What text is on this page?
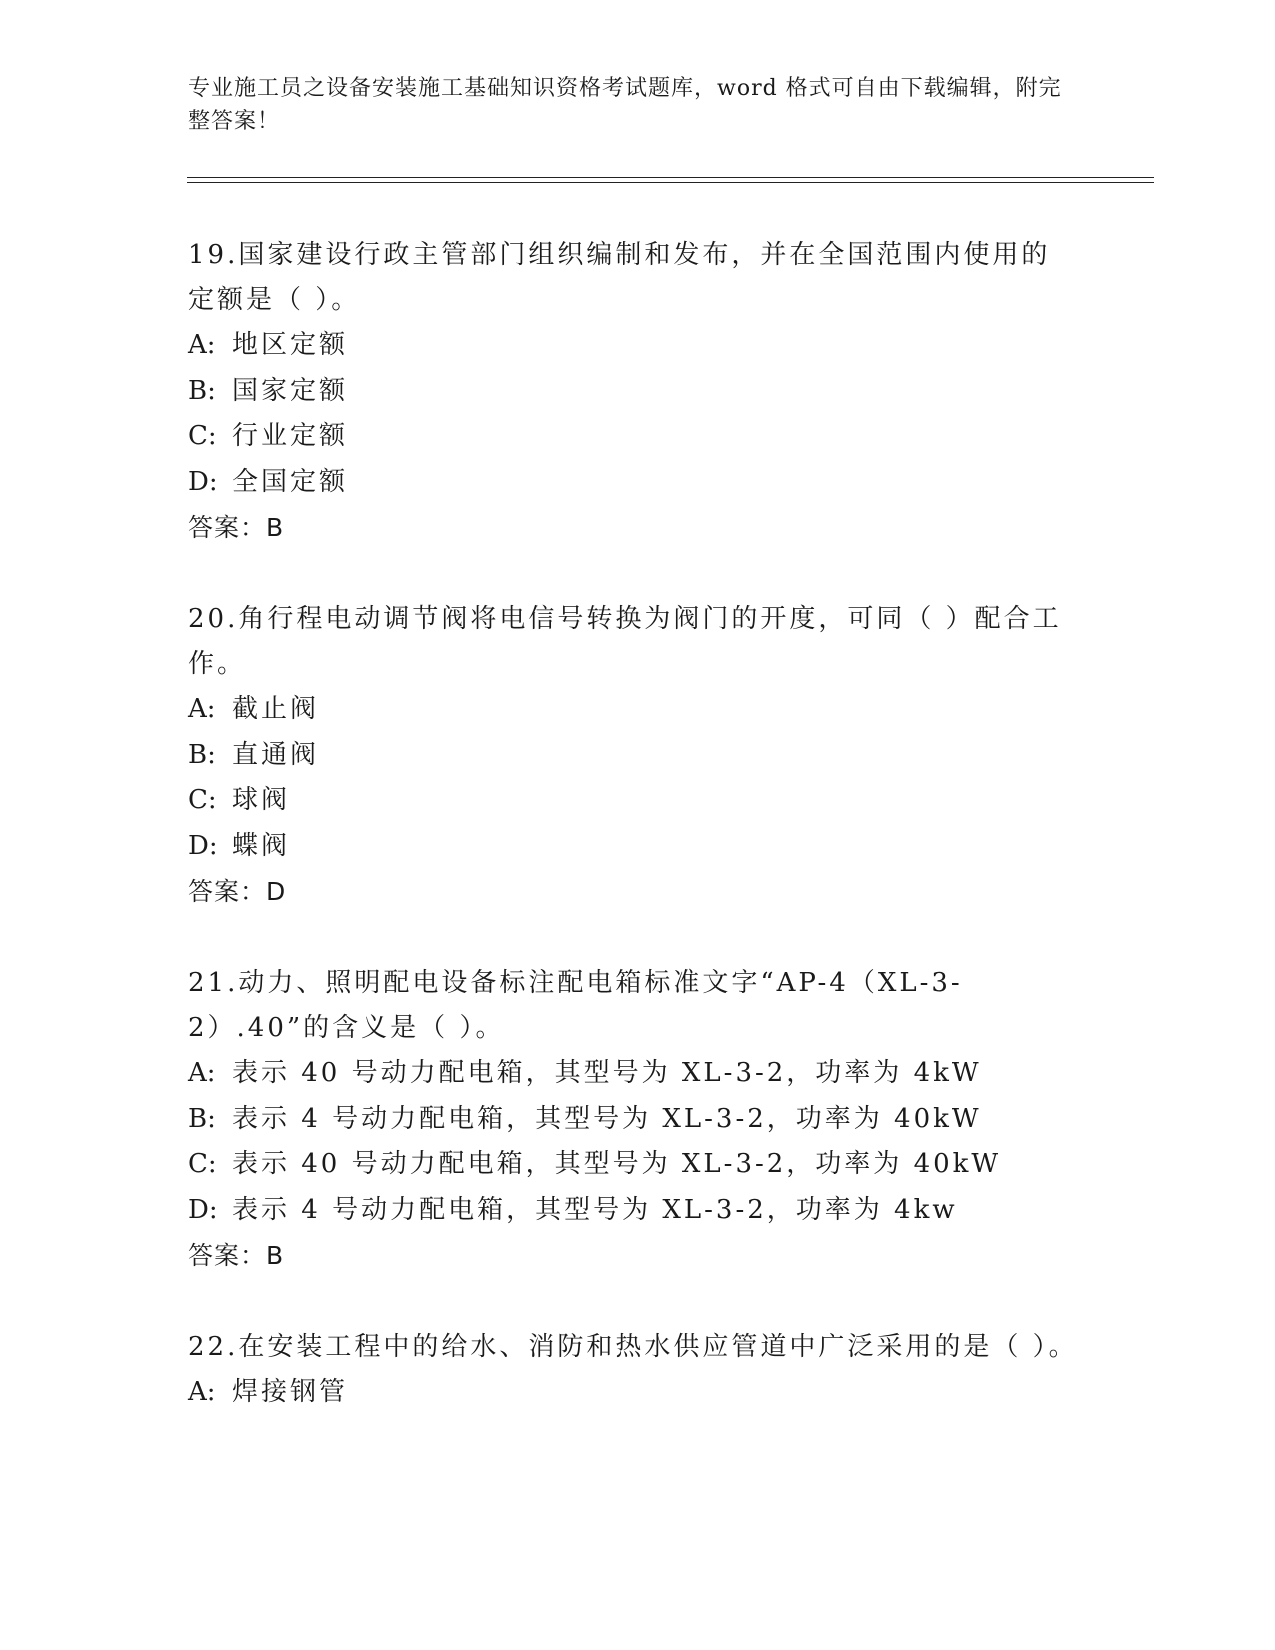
专业施工员之设备安装施工基础知识资格考试题库，word 格式可自由下载编辑，附完整答案！
19.国家建设行政主管部门组织编制和发布，并在全国范围内使用的定额是（ ）。
A: 地区定额
B: 国家定额
C: 行业定额
D: 全国定额
答案：B
20.角行程电动调节阀将电信号转换为阀门的开度，可同（ ）配合工作。
A: 截止阀
B: 直通阀
C: 球阀
D: 蝶阀
答案：D
21.动力、照明配电设备标注配电箱标准文字“AP-4（XL-3-2）.40”的含义是（ ）。
A: 表示 40 号动力配电箱，其型号为 XL-3-2，功率为 4kW
B: 表示 4 号动力配电箱，其型号为 XL-3-2，功率为 40kW
C: 表示 40 号动力配电箱，其型号为 XL-3-2，功率为 40kW
D: 表示 4 号动力配电箱，其型号为 XL-3-2，功率为 4kw
答案：B
22.在安装工程中的给水、消防和热水供应管道中广泛采用的是（ ）。
A: 焊接钢管
